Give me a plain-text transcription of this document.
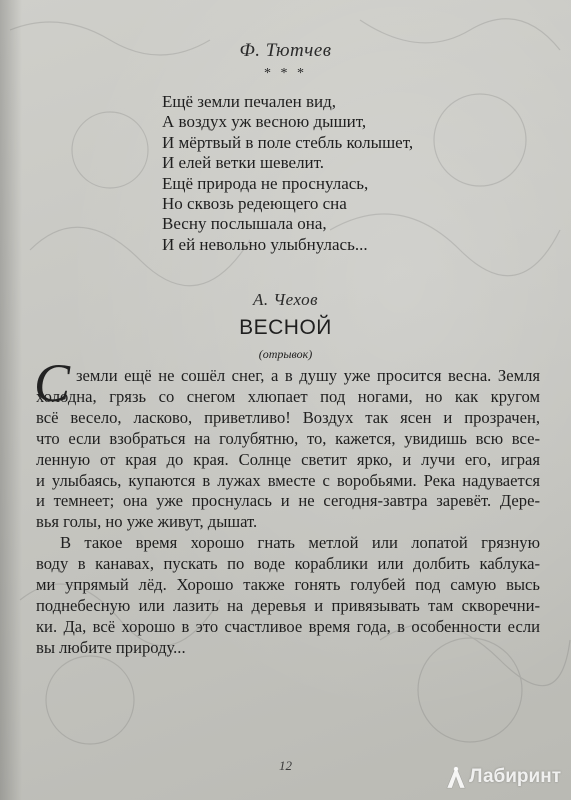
Ф. Тютчев
* * *
Ещё земли печален вид,
А воздух уж весною дышит,
И мёртвый в поле стебль колышет,
И елей ветки шевелит.
Ещё природа не проснулась,
Но сквозь редеющего сна
Весну послышала она,
И ей невольно улыбнулась...
А. Чехов
ВЕСНОЙ
(отрывок)
С земли ещё не сошёл снег, а в душу уже просится весна. Земля
холодна, грязь со снегом хлюпает под ногами, но как кругом
всё весело, ласково, приветливо! Воздух так ясен и прозрачен,
что если взобраться на голубятню, то, кажется, увидишь всю все-
ленную от края до края. Солнце светит ярко, и лучи его, играя
и улыбаясь, купаются в лужах вместе с воробьями. Река надувается
и темнеет; она уже проснулась и не сегодня-завтра заревёт. Дере-
вья голы, но уже живут, дышат.
В такое время хорошо гнать метлой или лопатой грязную
воду в канавах, пускать по воде кораблики или долбить каблука-
ми упрямый лёд. Хорошо также гонять голубей под самую высь
поднебесную или лазить на деревья и привязывать там скворечни-
ки. Да, всё хорошо в это счастливое время года, в особенности если
вы любите природу...
12
Лабиринт
